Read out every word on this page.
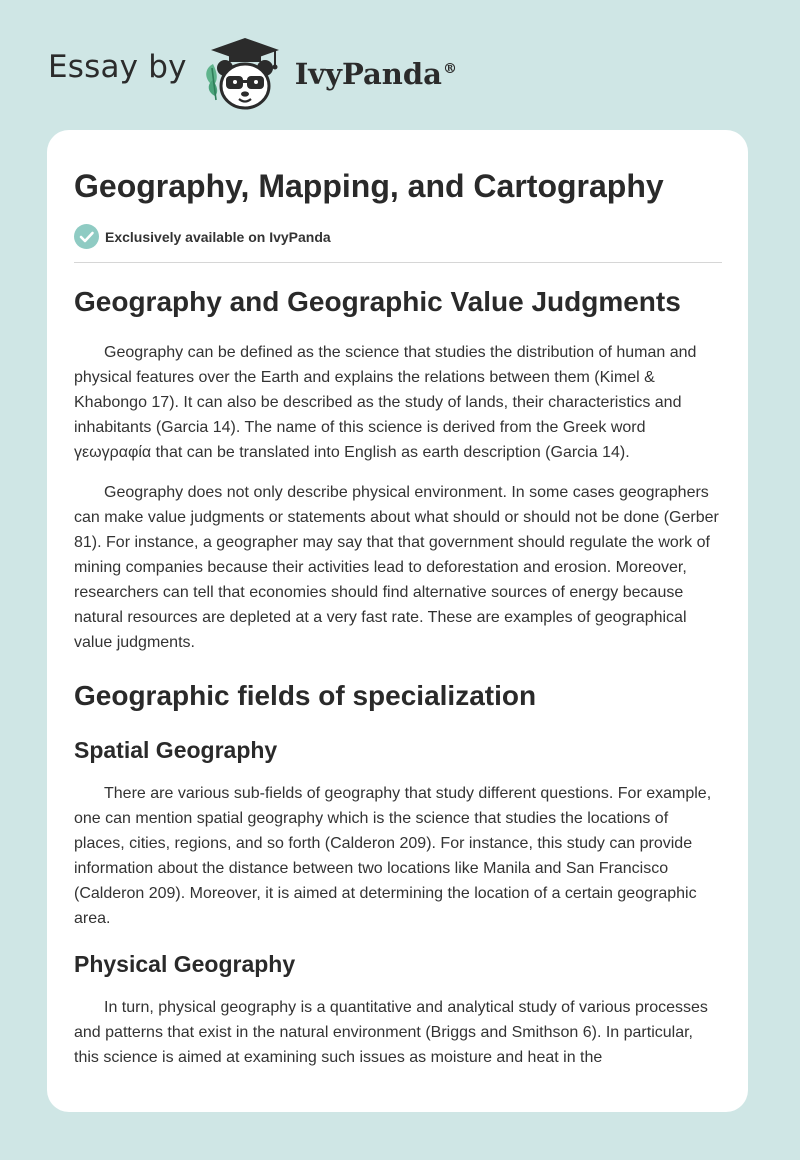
Essay by	IvyPanda®
Geography, Mapping, and Cartography
Exclusively available on IvyPanda
Geography and Geographic Value Judgments

Geography can be defined as the science that studies the distribution of human and physical features over the Earth and explains the relations between them (Kimel & Khabongo 17). It can also be described as the study of lands, their characteristics and inhabitants (Garcia 14). The name of this science is derived from the Greek word γεωγραφία that can be translated into English as earth description (Garcia 14).

Geography does not only describe physical environment. In some cases geographers can make value judgments or statements about what should or should not be done (Gerber 81). For instance, a geographer may say that that government should regulate the work of mining companies because their activities lead to deforestation and erosion. Moreover, researchers can tell that economies should find alternative sources of energy because natural resources are depleted at a very fast rate. These are examples of geographical value judgments.

Geographic fields of specialization
Spatial Geography

There are various sub-fields of geography that study different questions. For example, one can mention spatial geography which is the science that studies the locations of places, cities, regions, and so forth (Calderon 209). For instance, this study can provide information about the distance between two locations like Manila and San Francisco (Calderon 209). Moreover, it is aimed at determining the location of a certain geographic area.

Physical Geography

In turn, physical geography is a quantitative and analytical study of various processes and patterns that exist in the natural environment (Briggs and Smithson 6). In particular, this science is aimed at examining such issues as moisture and heat in the
